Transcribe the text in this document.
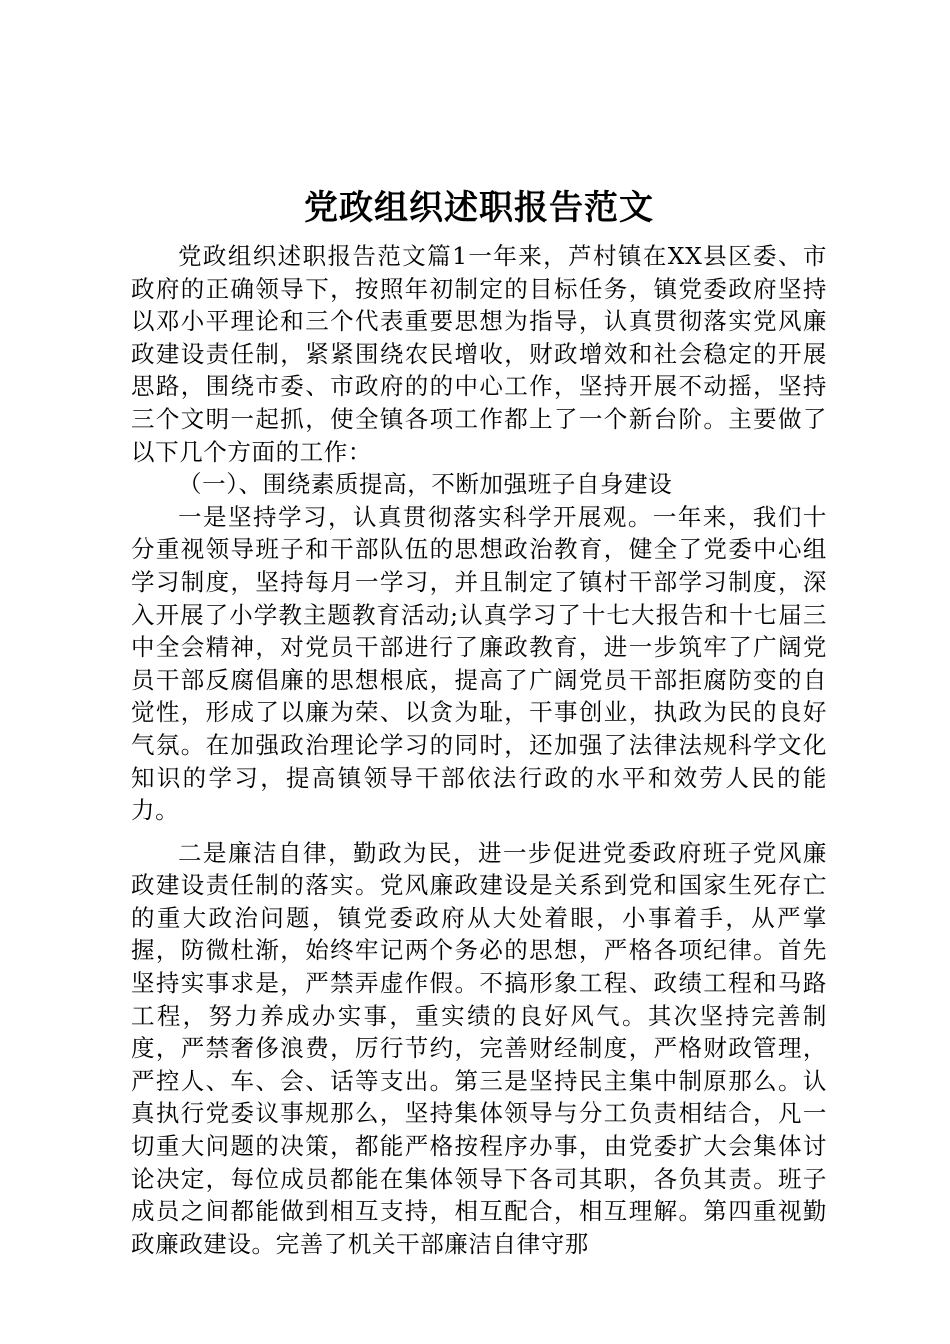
党政组织述职报告范文

党政组织述职报告范文篇1一年来，芦村镇在XX县区委、市政府的正确领导下，按照年初制定的目标任务，镇党委政府坚持以邓小平理论和三个代表重要思想为指导，认真贯彻落实党风廉政建设责任制，紧紧围绕农民增收，财政增效和社会稳定的开展思路，围绕市委、市政府的的中心工作，坚持开展不动摇，坚持三个文明一起抓，使全镇各项工作都上了一个新台阶。主要做了以下几个方面的工作：

（一）、围绕素质提高，不断加强班子自身建设

一是坚持学习，认真贯彻落实科学开展观。一年来，我们十分重视领导班子和干部队伍的思想政治教育，健全了党委中心组学习制度，坚持每月一学习，并且制定了镇村干部学习制度，深入开展了小学教主题教育活动;认真学习了十七大报告和十七届三中全会精神，对党员干部进行了廉政教育，进一步筑牢了广阔党员干部反腐倡廉的思想根底，提高了广阔党员干部拒腐防变的自觉性，形成了以廉为荣、以贪为耻，干事创业，执政为民的良好气氛。在加强政治理论学习的同时，还加强了法律法规科学文化知识的学习，提高镇领导干部依法行政的水平和效劳人民的能力。

二是廉洁自律，勤政为民，进一步促进党委政府班子党风廉政建设责任制的落实。党风廉政建设是关系到党和国家生死存亡的重大政治问题，镇党委政府从大处着眼，小事着手，从严掌握，防微杜渐，始终牢记两个务必的思想，严格各项纪律。首先坚持实事求是，严禁弄虚作假。不搞形象工程、政绩工程和马路工程，努力养成办实事，重实绩的良好风气。其次坚持完善制度，严禁奢侈浪费，厉行节约，完善财经制度，严格财政管理，严控人、车、会、话等支出。第三是坚持民主集中制原那么。认真执行党委议事规那么，坚持集体领导与分工负责相结合，凡一切重大问题的决策，都能严格按程序办事，由党委扩大会集体讨论决定，每位成员都能在集体领导下各司其职，各负其责。班子成员之间都能做到相互支持，相互配合，相互理解。第四重视勤政廉政建设。完善了机关干部廉洁自律守那
